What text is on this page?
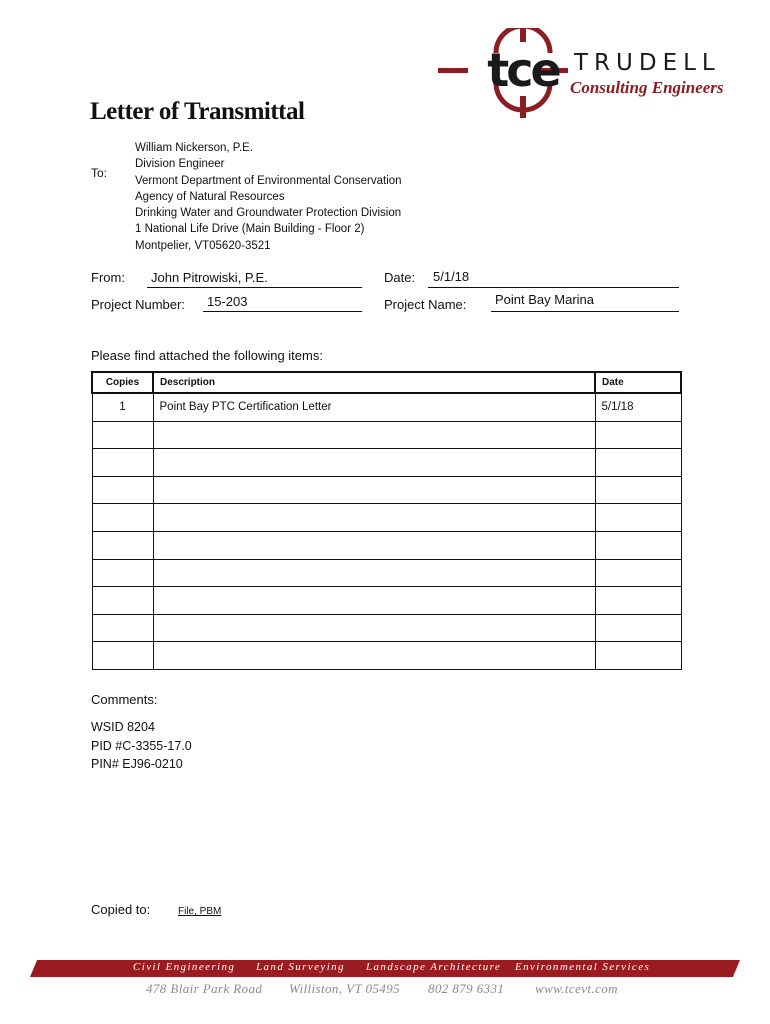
tce TRUDELL
Consulting Engineers
Letter of Transmittal
To:
William Nickerson, P.E.
Division Engineer
Vermont Department of Environmental Conservation
Agency of Natural Resources
Drinking Water and Groundwater Protection Division
1 National Life Drive (Main Building - Floor 2)
Montpelier, VT05620-3521
From: John Pitrowiski, P.E.	Date: 5/1/18
Project Number: 15-203	Project Name: Point Bay Marina
Please find attached the following items:
Copies	Description	Date
1	Point Bay PTC Certification Letter	5/1/18

Comments:
WSID 8204
PID #C-3355-17.0
PIN# EJ96-0210
Copied to:	File, PBM
Civil Engineering Land Surveying Landscape Architecture Environmental Services
478 Blair Park Road Williston, VT 05495 802 879 6331 www.tcevt.com
